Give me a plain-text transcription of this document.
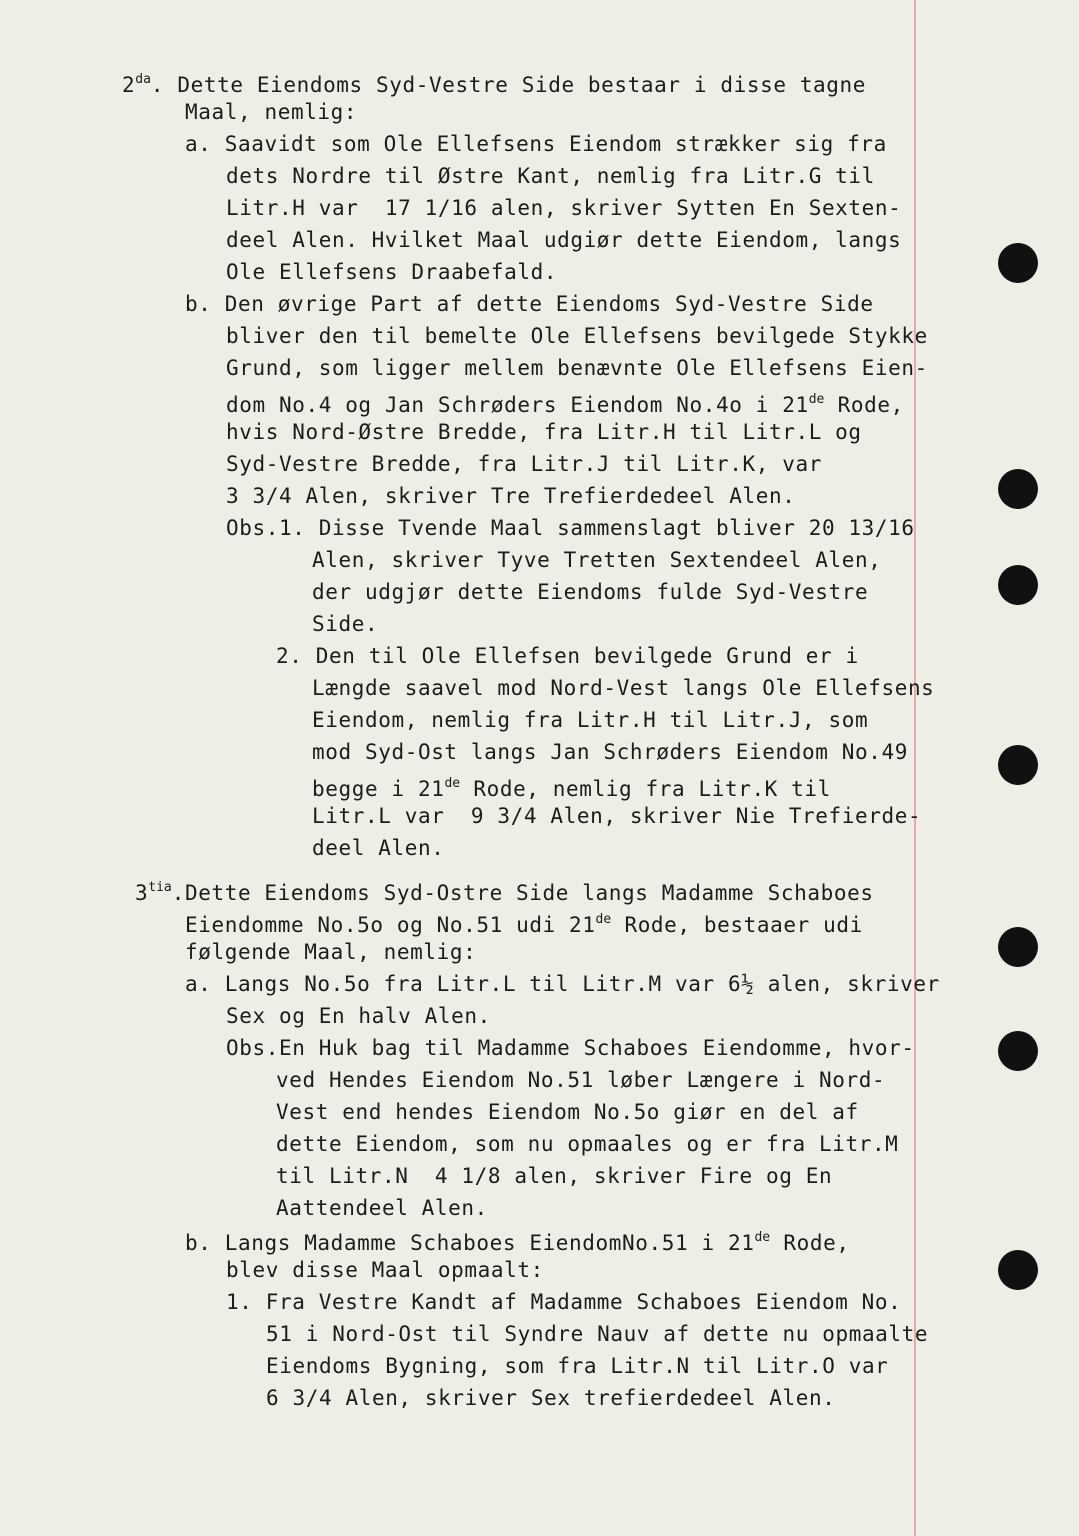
$2^{da}$. Dette Eiendoms Syd-Vestre Side bestaar i disse tagne
Maal, nemlig:
a. Saavidt som Ole Ellefsens Eiendom strækker sig fra
dets Nordre til Østre Kant, nemlig fra Litr.G til
Litr.H var  17 1/16 alen, skriver Sytten En Sexten-
deel Alen. Hvilket Maal udgiør dette Eiendom, langs
Ole Ellefsens Draabefald.
b. Den øvrige Part af dette Eiendoms Syd-Vestre Side
bliver den til bemelte Ole Ellefsens bevilgede Stykke
Grund, som ligger mellem benævnte Ole Ellefsens Eien-
dom No.4 og Jan Schrøders Eiendom No.4o i 21de Rode,
hvis Nord-Østre Bredde, fra Litr.H til Litr.L og
Syd-Vestre Bredde, fra Litr.J til Litr.K, var
3 3/4 Alen, skriver Tre Trefierdedeel Alen.
Obs.1. Disse Tvende Maal sammenslagt bliver 20 13/16
Alen, skriver Tyve Tretten Sextendeel Alen,
der udgjør dette Eiendoms fulde Syd-Vestre
Side.
2. Den til Ole Ellefsen bevilgede Grund er i
Længde saavel mod Nord-Vest langs Ole Ellefsens
Eiendom, nemlig fra Litr.H til Litr.J, som
mod Syd-Ost langs Jan Schrøders Eiendom No.49
begge i 21de Rode, nemlig fra Litr.K til
Litr.L var  9 3/4 Alen, skriver Nie Trefierde-
deel Alen.
$3^{tia}.Dette$ Eiendoms Syd-Ostre Side langs Madamme Schaboes
Eiendomme No.5o og No.51 udi 21de Rode, bestaaer udi
følgende Maal, nemlig:
a. Langs No.5o fra Litr.L til Litr.M var 6½ alen, skriver
Sex og En halv Alen.
Obs.En Huk bag til Madamme Schaboes Eiendomme, hvor-
ved Hendes Eiendom No.51 løber Længere i Nord-
Vest end hendes Eiendom No.5o giør en del af
dette Eiendom, som nu opmaales og er fra Litr.M
til Litr.N  4 1/8 alen, skriver Fire og En
Aattendeel Alen.
b. Langs Madamme Schaboes EiendomNo.51 i 21de Rode,
blev disse Maal opmaalt:
1. Fra Vestre Kandt af Madamme Schaboes Eiendom No.
51 i Nord-Ost til Syndre Nauv af dette nu opmaalte
Eiendoms Bygning, som fra Litr.N til Litr.O var
6 3/4 Alen, skriver Sex trefierdedeel Alen.
